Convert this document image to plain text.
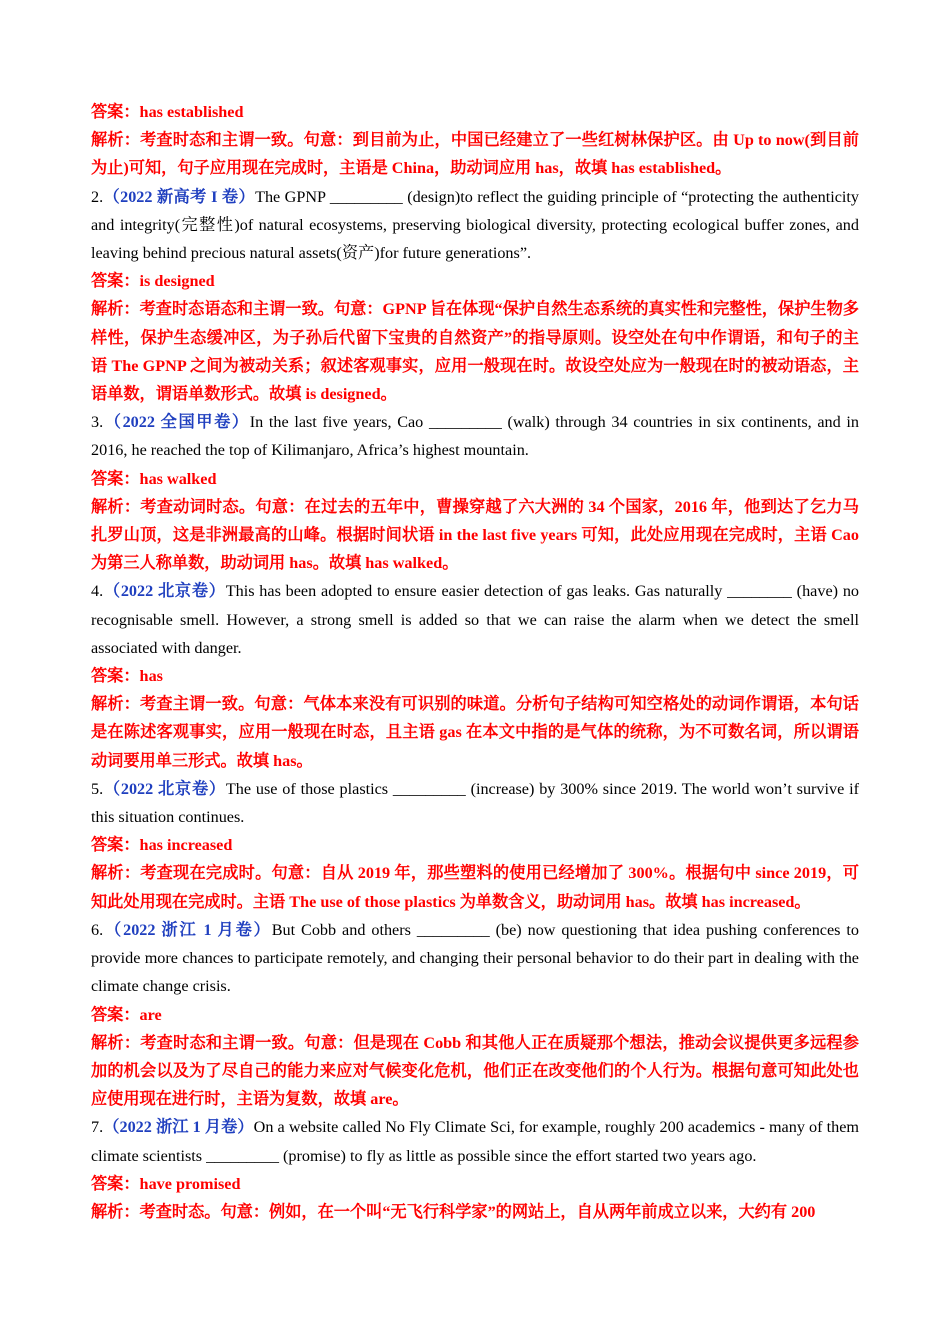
答案：has established
解析：考查时态和主谓一致。句意：到目前为止，中国已经建立了一些红树林保护区。由 Up to now(到目前为止)可知，句子应用现在完成时，主语是 China，助动词应用 has，故填 has established。
2.（2022 新高考 I 卷）The GPNP _________ (design)to reflect the guiding principle of “protecting the authenticity and integrity(完整性)of natural ecosystems, preserving biological diversity, protecting ecological buffer zones, and leaving behind precious natural assets(资产)for future generations”.
答案：is designed
解析：考查时态语态和主谓一致。句意：GPNP 旨在体现“保护自然生态系统的真实性和完整性，保护生物多样性，保护生态缓冲区，为子孙后代留下宝贵的自然资产”的指导原则。设空处在句中作谓语，和句子的主语 The GPNP 之间为被动关系；叙述客观事实，应用一般现在时。故设空处应为一般现在时的被动语态，主语单数，谓语单数形式。故填 is designed。
3.（2022 全国甲卷）In the last five years, Cao _________ (walk) through 34 countries in six continents, and in 2016, he reached the top of Kilimanjaro, Africa’s highest mountain.
答案：has walked
解析：考查动词时态。句意：在过去的五年中，曹操穿越了六大洲的 34 个国家，2016 年，他到达了乞力马扎罗山顶，这是非洲最高的山峰。根据时间状语 in the last five years 可知，此处应用现在完成时，主语 Cao 为第三人称单数，助动词用 has。故填 has walked。
4.（2022 北京卷）This has been adopted to ensure easier detection of gas leaks. Gas naturally ________ (have) no recognisable smell. However, a strong smell is added so that we can raise the alarm when we detect the smell associated with danger.
答案：has
解析：考查主谓一致。句意：气体本来没有可识别的味道。分析句子结构可知空格处的动词作谓语，本句话是在陈述客观事实，应用一般现在时态，且主语 gas 在本文中指的是气体的统称，为不可数名词，所以谓语动词要用单三形式。故填 has。
5.（2022 北京卷）The use of those plastics _________ (increase) by 300% since 2019. The world won’t survive if this situation continues.
答案：has increased
解析：考查现在完成时。句意：自从 2019 年，那些塑料的使用已经增加了 300%。根据句中 since 2019，可知此处用现在完成时。主语 The use of those plastics 为单数含义，助动词用 has。故填 has increased。
6.（2022 浙江 1 月卷）But Cobb and others _________ (be) now questioning that idea pushing conferences to provide more chances to participate remotely, and changing their personal behavior to do their part in dealing with the climate change crisis.
答案：are
解析：考查时态和主谓一致。句意：但是现在 Cobb 和其他人正在质疑那个想法，推动会议提供更多远程参加的机会以及为了尽自己的能力来应对气候变化危机，他们正在改变他们的个人行为。根据句意可知此处也应使用现在进行时，主语为复数，故填 are。
7.（2022 浙江 1 月卷）On a website called No Fly Climate Sci, for example, roughly 200 academics - many of them climate scientists _________ (promise) to fly as little as possible since the effort started two years ago.
答案：have promised
解析：考查时态。句意：例如，在一个叫“无飞行科学家”的网站上，自从两年前成立以来，大约有 200
